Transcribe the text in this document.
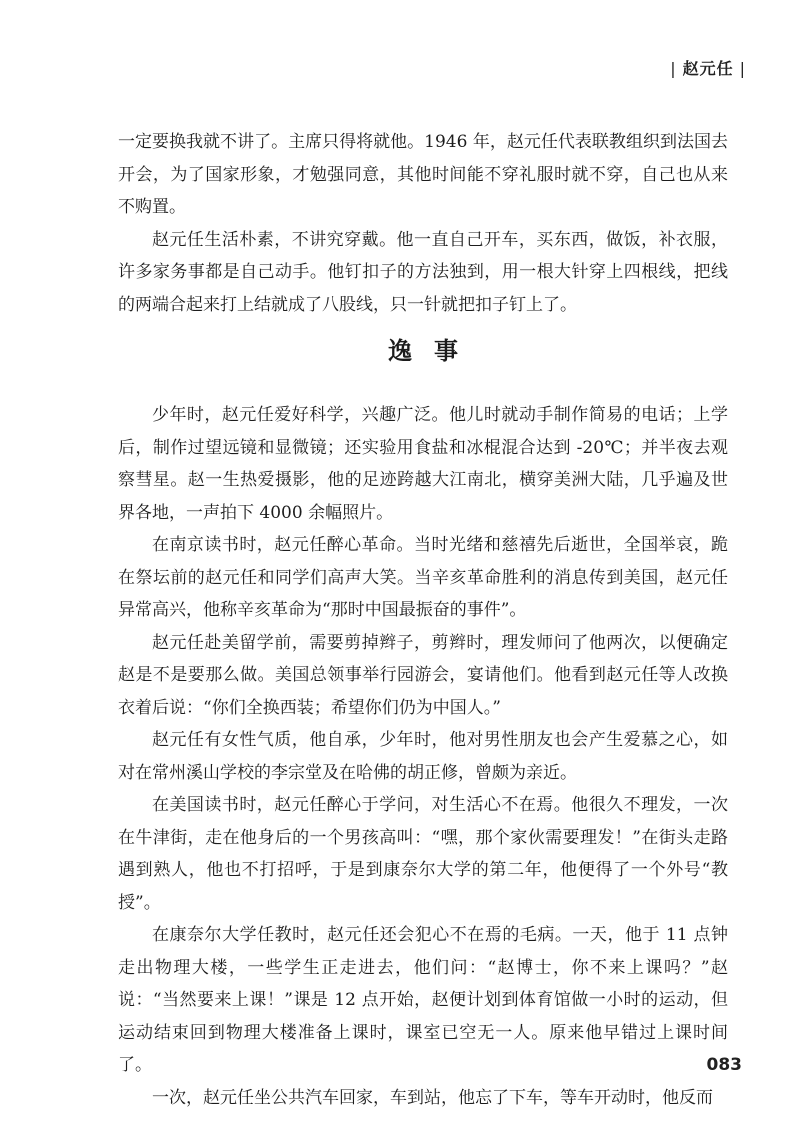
| 赵元任 |

一定要换我就不讲了。主席只得将就他。1946 年，赵元任代表联教组织到法国去开会，为了国家形象，才勉强同意，其他时间能不穿礼服时就不穿，自己也从来不购置。

赵元任生活朴素，不讲究穿戴。他一直自己开车，买东西，做饭，补衣服，许多家务事都是自己动手。他钉扣子的方法独到，用一根大针穿上四根线，把线的两端合起来打上结就成了八股线，只一针就把扣子钉上了。

逸事

少年时，赵元任爱好科学，兴趣广泛。他儿时就动手制作简易的电话；上学后，制作过望远镜和显微镜；还实验用食盐和冰棍混合达到 -20℃；并半夜去观察彗星。赵一生热爱摄影，他的足迹跨越大江南北，横穿美洲大陆，几乎遍及世界各地，一声拍下 4000 余幅照片。

在南京读书时，赵元任醉心革命。当时光绪和慈禧先后逝世，全国举哀，跪在祭坛前的赵元任和同学们高声大笑。当辛亥革命胜利的消息传到美国，赵元任异常高兴，他称辛亥革命为“那时中国最振奋的事件”。

赵元任赴美留学前，需要剪掉辫子，剪辫时，理发师问了他两次，以便确定赵是不是要那么做。美国总领事举行园游会，宴请他们。他看到赵元任等人改换衣着后说：“你们全换西装；希望你们仍为中国人。”

赵元任有女性气质，他自承，少年时，他对男性朋友也会产生爱慕之心，如对在常州溪山学校的李宗堂及在哈佛的胡正修，曾颇为亲近。

在美国读书时，赵元任醉心于学问，对生活心不在焉。他很久不理发，一次在牛津街，走在他身后的一个男孩高叫：“嘿，那个家伙需要理发！”在街头走路遇到熟人，他也不打招呼，于是到康奈尔大学的第二年，他便得了一个外号“教授”。

在康奈尔大学任教时，赵元任还会犯心不在焉的毛病。一天，他于 11 点钟走出物理大楼，一些学生正走进去，他们问：“赵博士，你不来上课吗？”赵说：“当然要来上课！”课是 12 点开始，赵便计划到体育馆做一小时的运动，但运动结束回到物理大楼准备上课时，课室已空无一人。原来他早错过上课时间了。

一次，赵元任坐公共汽车回家，车到站，他忘了下车，等车开动时，他反而

083
